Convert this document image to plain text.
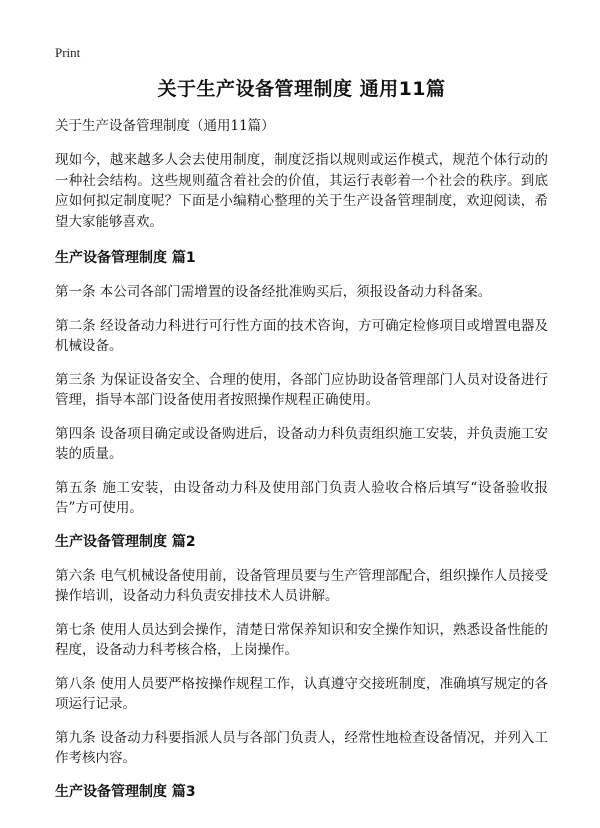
Print
关于生产设备管理制度 通用11篇

关于生产设备管理制度（通用11篇）

现如今，越来越多人会去使用制度，制度泛指以规则或运作模式，规范个体行动的一种社会结构。这些规则蕴含着社会的价值，其运行表彰着一个社会的秩序。到底应如何拟定制度呢？下面是小编精心整理的关于生产设备管理制度，欢迎阅读，希望大家能够喜欢。

生产设备管理制度 篇1

第一条 本公司各部门需增置的设备经批准购买后，须报设备动力科备案。

第二条 经设备动力科进行可行性方面的技术咨询，方可确定检修项目或增置电器及机械设备。

第三条 为保证设备安全、合理的使用，各部门应协助设备管理部门人员对设备进行管理，指导本部门设备使用者按照操作规程正确使用。

第四条 设备项目确定或设备购进后，设备动力科负责组织施工安装，并负责施工安装的质量。

第五条 施工安装，由设备动力科及使用部门负责人验收合格后填写“设备验收报告”方可使用。

生产设备管理制度 篇2

第六条 电气机械设备使用前，设备管理员要与生产管理部配合，组织操作人员接受操作培训，设备动力科负责安排技术人员讲解。

第七条 使用人员达到会操作，清楚日常保养知识和安全操作知识，熟悉设备性能的程度，设备动力科考核合格，上岗操作。

第八条 使用人员要严格按操作规程工作，认真遵守交接班制度，准确填写规定的各项运行记录。

第九条 设备动力科要指派人员与各部门负责人，经常性地检查设备情况，并列入工作考核内容。

生产设备管理制度 篇3
